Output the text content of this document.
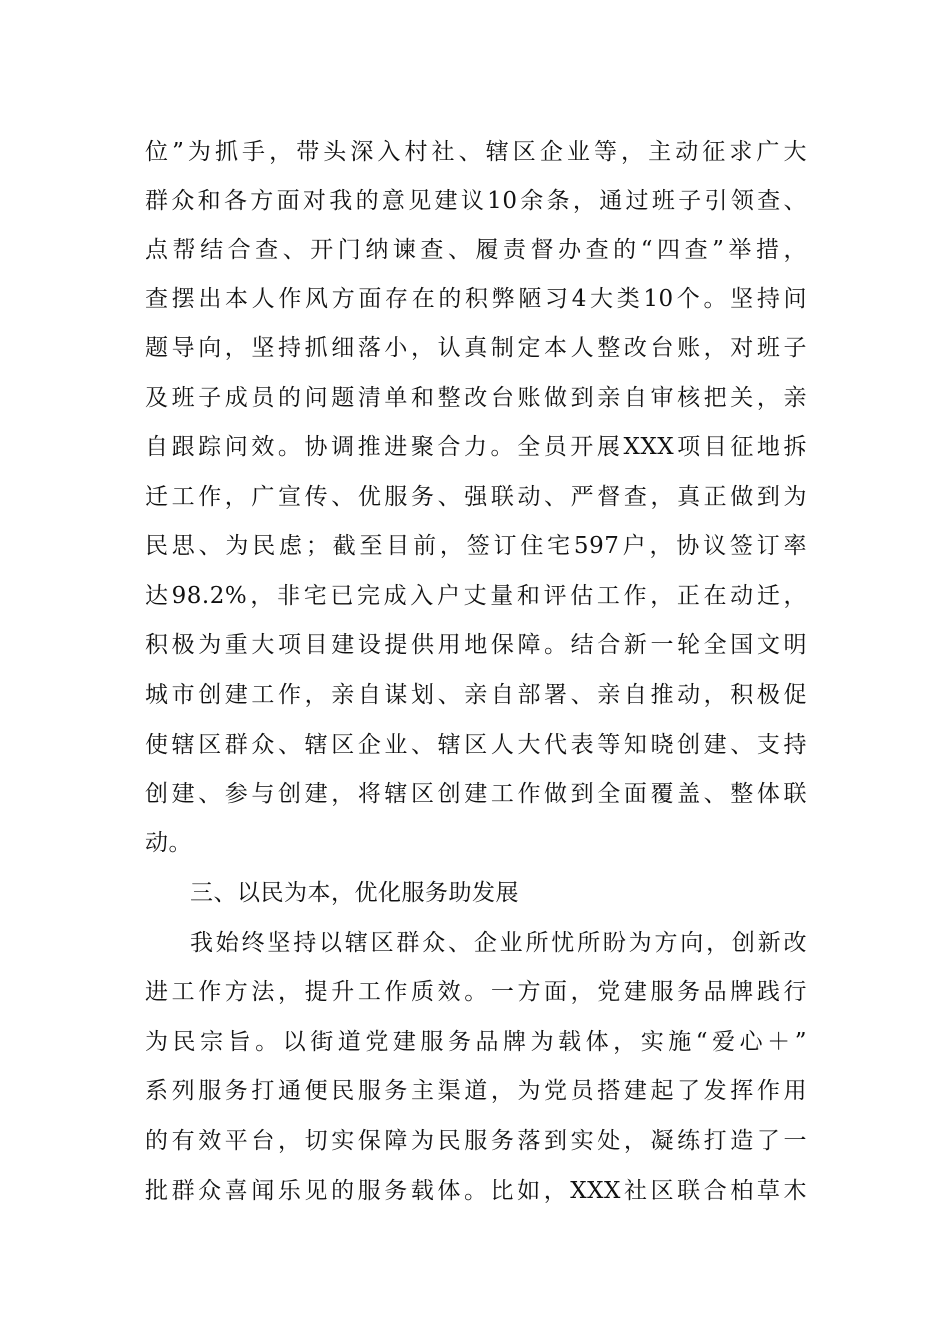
位”为抓手，带头深入村社、辖区企业等，主动征求广大
群众和各方面对我的意见建议10余条，通过班子引领查、
点帮结合查、开门纳谏查、履责督办查的“四查”举措，
查摆出本人作风方面存在的积弊陋习4大类10个。坚持问
题导向，坚持抓细落小，认真制定本人整改台账，对班子
及班子成员的问题清单和整改台账做到亲自审核把关，亲
自跟踪问效。协调推进聚合力。全员开展XXX项目征地拆
迁工作，广宣传、优服务、强联动、严督查，真正做到为
民思、为民虑；截至目前，签订住宅597户，协议签订率
达98.2%，非宅已完成入户丈量和评估工作，正在动迁，
积极为重大项目建设提供用地保障。结合新一轮全国文明
城市创建工作，亲自谋划、亲自部署、亲自推动，积极促
使辖区群众、辖区企业、辖区人大代表等知晓创建、支持
创建、参与创建，将辖区创建工作做到全面覆盖、整体联
动。
三、以民为本，优化服务助发展
我始终坚持以辖区群众、企业所忧所盼为方向，创新改
进工作方法，提升工作质效。一方面，党建服务品牌践行
为民宗旨。以街道党建服务品牌为载体，实施“爱心＋”
系列服务打通便民服务主渠道，为党员搭建起了发挥作用
的有效平台，切实保障为民服务落到实处，凝练打造了一
批群众喜闻乐见的服务载体。比如，XXX社区联合柏草木
